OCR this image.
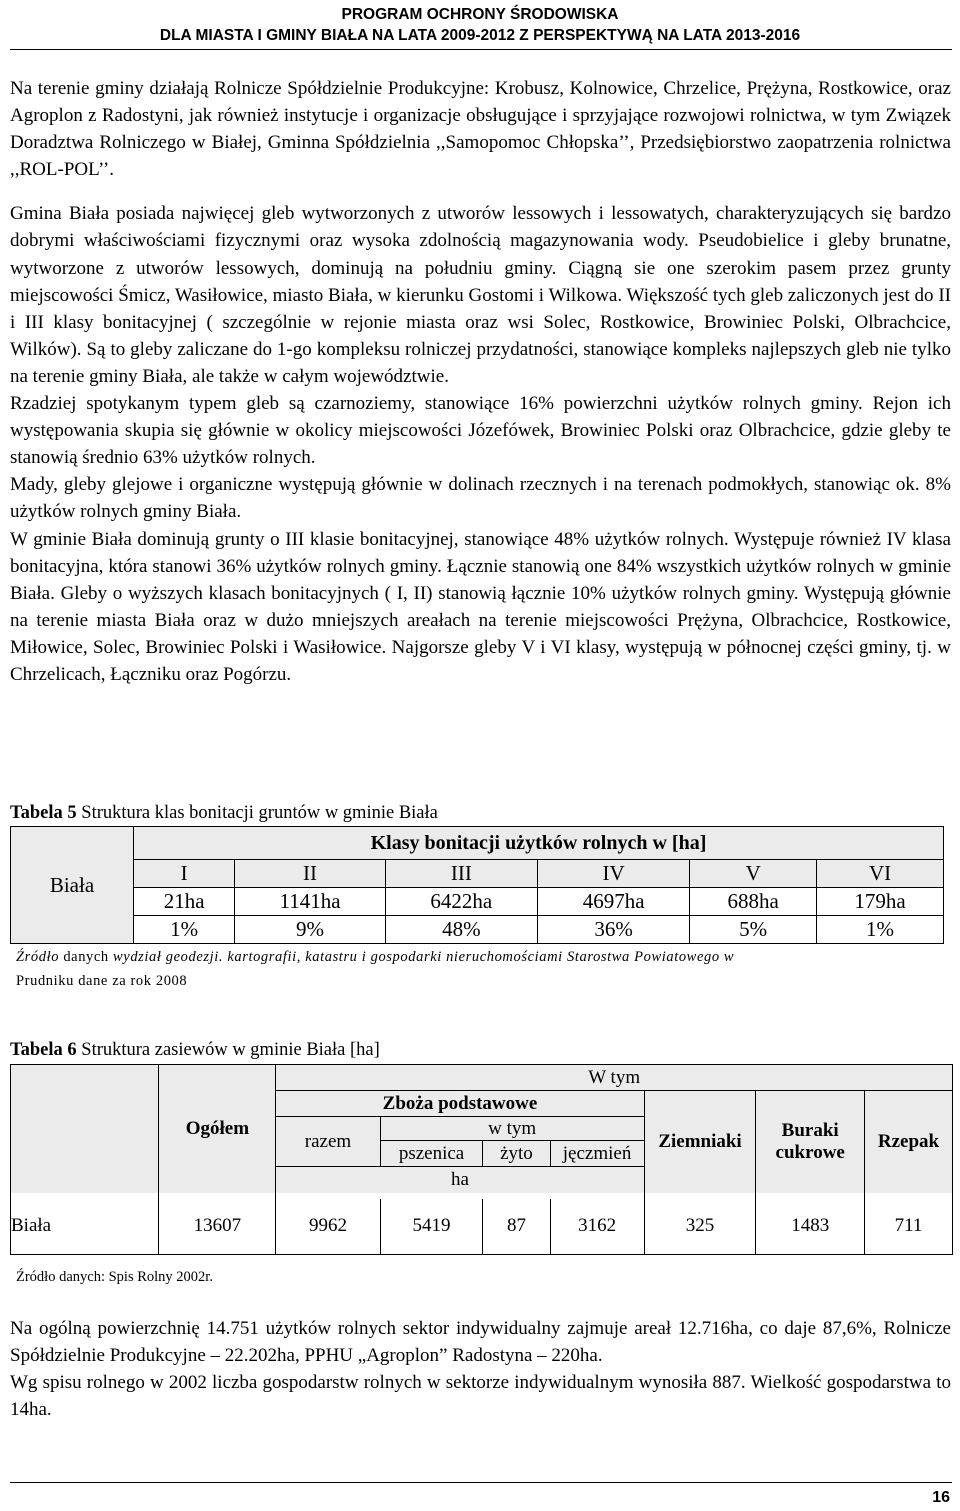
PROGRAM OCHRONY ŚRODOWISKA
DLA MIASTA I GMINY BIAŁA NA LATA 2009-2012 Z PERSPEKTYWĄ NA LATA 2013-2016

Na terenie gminy działają Rolnicze Spółdzielnie Produkcyjne: Krobusz, Kolnowice, Chrzelice, Prężyna, Rostkowice, oraz Agroplon z Radostyni, jak również instytucje i organizacje obsługujące i sprzyjające rozwojowi rolnictwa, w tym Związek Doradztwa Rolniczego w Białej, Gminna Spółdzielnia ,,Samopomoc Chłopska’’, Przedsiębiorstwo zaopatrzenia rolnictwa ,,ROL-POL’’.

Gmina Biała posiada najwięcej gleb wytworzonych z utworów lessowych i lessowatych, charakteryzujących się bardzo dobrymi właściwościami fizycznymi oraz wysoka zdolnością magazynowania wody. Pseudobielice i gleby brunatne, wytworzone z utworów lessowych, dominują na południu gminy. Ciągną sie one szerokim pasem przez grunty miejscowości Śmicz, Wasiłowice, miasto Biała, w kierunku Gostomi i Wilkowa. Większość tych gleb zaliczonych jest do II i III klasy bonitacyjnej ( szczególnie w rejonie miasta oraz wsi Solec, Rostkowice, Browiniec Polski, Olbrachcice, Wilków). Są to gleby zaliczane do 1-go kompleksu rolniczej przydatności, stanowiące kompleks najlepszych gleb nie tylko na terenie gminy Biała, ale także w całym województwie.

Rzadziej spotykanym typem gleb są czarnoziemy, stanowiące 16% powierzchni użytków rolnych gminy. Rejon ich występowania skupia się głównie w okolicy miejscowości Józefówek, Browiniec Polski oraz Olbrachcice, gdzie gleby te stanowią średnio 63% użytków rolnych.

Mady, gleby glejowe i organiczne występują głównie w dolinach rzecznych i na terenach podmokłych, stanowiąc ok. 8% użytków rolnych gminy Biała.

W gminie Biała dominują grunty o III klasie bonitacyjnej, stanowiące 48% użytków rolnych. Występuje również IV klasa bonitacyjna, która stanowi 36% użytków rolnych gminy. Łącznie stanowią one 84% wszystkich użytków rolnych w gminie Biała. Gleby o wyższych klasach bonitacyjnych ( I, II) stanowią łącznie 10% użytków rolnych gminy. Występują głównie na terenie miasta Biała oraz w dużo mniejszych areałach na terenie miejscowości Prężyna, Olbrachcice, Rostkowice, Miłowice, Solec, Browiniec Polski i Wasiłowice. Najgorsze gleby V i VI klasy, występują w północnej części gminy, tj. w Chrzelicach, Łączniku oraz Pogórzu.

Tabela 5 Struktura klas bonitacji gruntów w gminie Biała
Biała	Klasy bonitacji użytków rolnych w [ha]					
	I	II	III	IV	V	VI
	21ha	1141ha	6422ha	4697ha	688ha	179ha
	1%	9%	48%	36%	5%	1%
Źródło danych wydział geodezji. kartografii, katastru i gospodarki nieruchomościami Starostwa Powiatowego w
Prudniku dane za rok 2008
Tabela 6 Struktura zasiewów w gminie Biała [ha]
	Ogółem	W tym						
		Zboża podstawowe				Ziemniaki	Buraki cukrowe	Rzepak
		razem	w tym					
			pszenica	żyto	jęczmień			
		ha						

Biała	13607	9962	5419	87	3162	325	1483	711
Źródło danych: Spis Rolny 2002r.

Na ogólną powierzchnię 14.751 użytków rolnych sektor indywidualny zajmuje areał 12.716ha, co daje 87,6%, Rolnicze Spółdzielnie Produkcyjne – 22.202ha, PPHU „Agroplon” Radostyna – 220ha.

Wg spisu rolnego w 2002 liczba gospodarstw rolnych w sektorze indywidualnym wynosiła 887. Wielkość gospodarstwa to 14ha.

16
